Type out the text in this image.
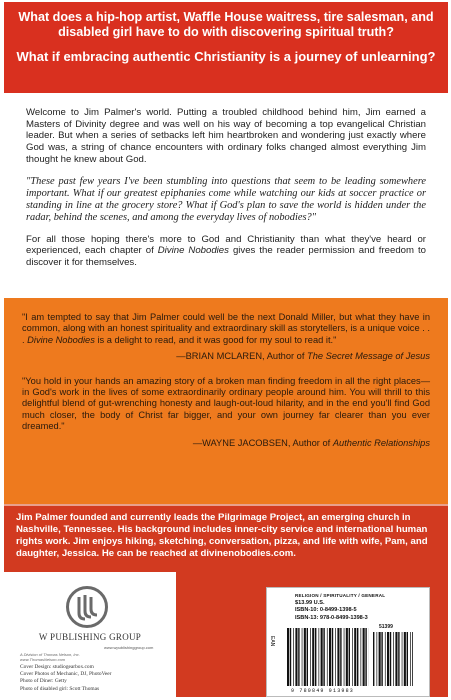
What does a hip-hop artist, Waffle House waitress, tire salesman, and disabled girl have to do with discovering spiritual truth?

What if embracing authentic Christianity is a journey of unlearning?

Welcome to Jim Palmer's world. Putting a troubled childhood behind him, Jim earned a Masters of Divinity degree and was well on his way of becoming a top evangelical Christian leader. But when a series of setbacks left him heartbroken and wondering just exactly where God was, a string of chance encounters with ordinary folks changed almost everything Jim thought he knew about God.

"These past few years I've been stumbling into questions that seem to be leading somewhere important. What if our greatest epiphanies come while watching our kids at soccer practice or standing in line at the grocery store? What if God's plan to save the world is hidden under the radar, behind the scenes, and among the everyday lives of nobodies?"

For all those hoping there's more to God and Christianity than what they've heard or experienced, each chapter of Divine Nobodies gives the reader permission and freedom to discover it for themselves.

"I am tempted to say that Jim Palmer could well be the next Donald Miller, but what they have in common, along with an honest spirituality and extraordinary skill as storytellers, is a unique voice . . . Divine Nobodies is a delight to read, and it was good for my soul to read it."

—BRIAN MCLAREN, Author of The Secret Message of Jesus

"You hold in your hands an amazing story of a broken man finding freedom in all the right places—in God's work in the lives of some extraordinarily ordinary people around him. You will thrill to this delightful blend of gut-wrenching honesty and laugh-out-loud hilarity, and in the end you'll find God much closer, the body of Christ far bigger, and your own journey far clearer than you ever dreamed."

—WAYNE JACOBSEN, Author of Authentic Relationships

Jim Palmer founded and currently leads the Pilgrimage Project, an emerging church in Nashville, Tennessee. His background includes inner-city service and international human rights work. Jim enjoys hiking, sketching, conversation, pizza, and life with wife, Pam, and daughter, Jessica. He can be reached at divinenobodies.com.

W PUBLISHING GROUP
www.wpublishinggroup.com
A Division of Thomas Nelson, Inc.
www.ThomasNelson.com
Cover Design: studiogearbox.com
Cover Photos of Mechanic, DJ, PhotoVeer
Photo of Diner: Getty
Photo of disabled girl: Scott Thomas
RELIGION / SPIRITUALITY / GENERAL
$13.99 U.S.
ISBN-10: 0-8499-1398-5
ISBN-13: 978-0-8499-1398-3
51399
EAN
9 780849 913983
